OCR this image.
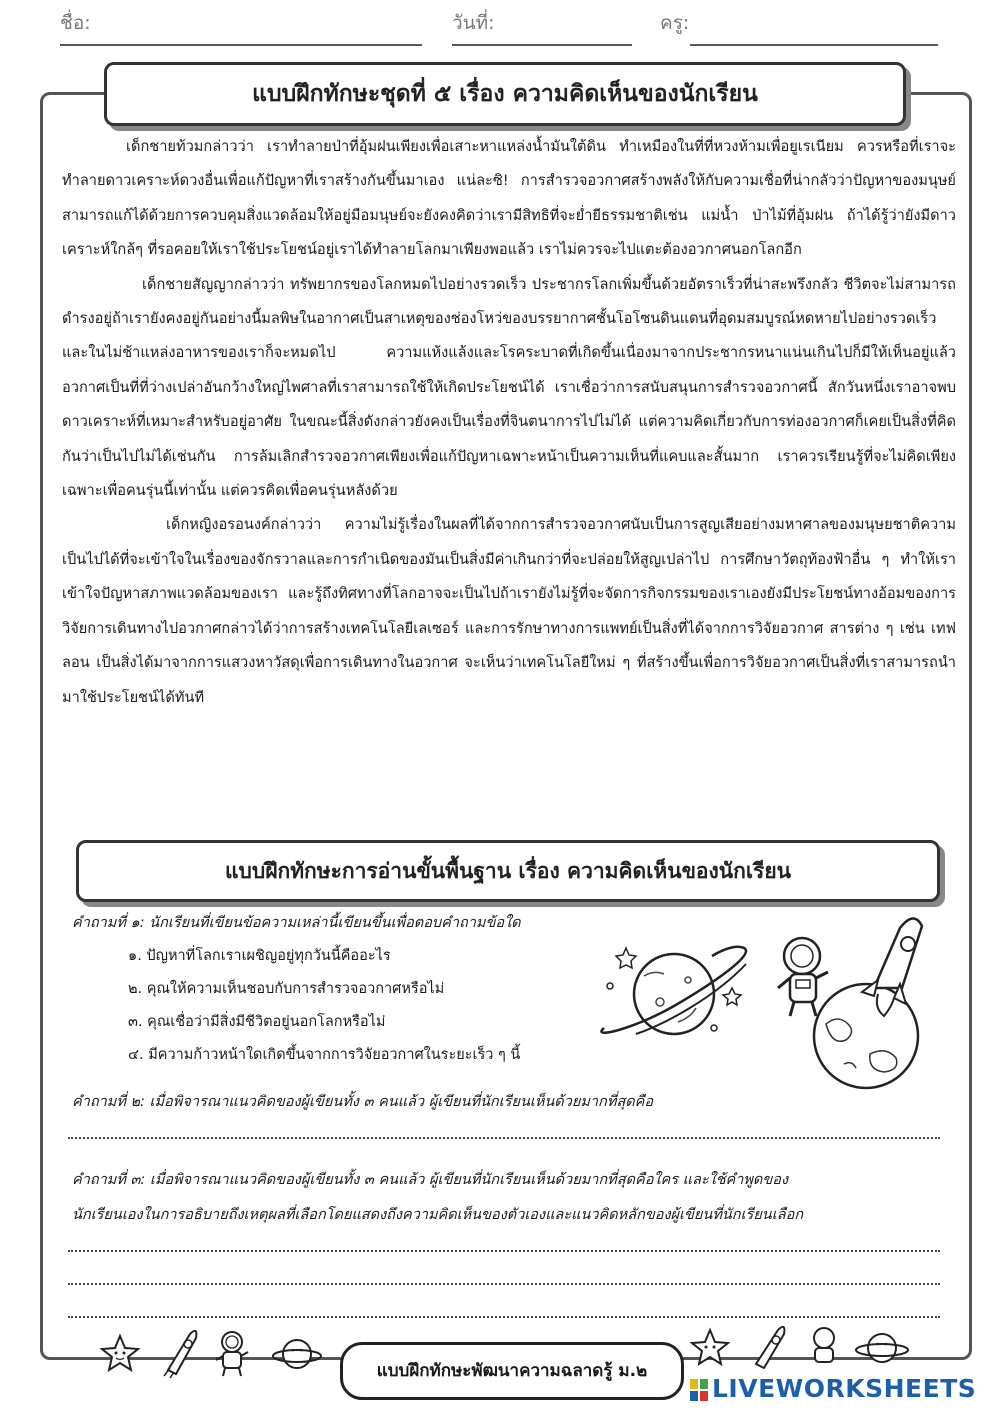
ชื่อ:	วันที่:	ครู:
แบบฝึกทักษะชุดที่ ๕ เรื่อง ความคิดเห็นของนักเรียน

เด็กชายท้วมกล่าวว่า เราทำลายป่าที่อุ้มฝนเพียงเพื่อเสาะหาแหล่งน้ำมันใต้ดิน ทำเหมืองในที่ที่หวงห้ามเพื่อยูเรเนียม ควรหรือที่เราจะทำลายดาวเคราะห์ดวงอื่นเพื่อแก้ปัญหาที่เราสร้างกันขึ้นมาเอง แน่ละซิ! การสำรวจอวกาศสร้างพลังให้กับความเชื่อที่น่ากลัวว่าปัญหาของมนุษย์สามารถแก้ได้ด้วยการควบคุมสิ่งแวดล้อมให้อยู่มือมนุษย์จะยังคงคิดว่าเรามีสิทธิที่จะย่ำยีธรรมชาติเช่น แม่น้ำ ป่าไม้ที่อุ้มฝน ถ้าได้รู้ว่ายังมีดาวเคราะห์ใกล้ๆ ที่รอคอยให้เราใช้ประโยชน์อยู่เราได้ทำลายโลกมาเพียงพอแล้ว เราไม่ควรจะไปแตะต้องอวกาศนอกโลกอีก

เด็กชายสัญญากล่าวว่า ทรัพยากรของโลกหมดไปอย่างรวดเร็ว ประชากรโลกเพิ่มขึ้นด้วยอัตราเร็วที่น่าสะพรึงกลัว ชีวิตจะไม่สามารถดำรงอยู่ถ้าเรายังคงอยู่กันอย่างนี้มลพิษในอากาศเป็นสาเหตุของช่องโหว่ของบรรยากาศชั้นโอโซนดินแดนที่อุดมสมบูรณ์หดหายไปอย่างรวดเร็ว และในไม่ช้าแหล่งอาหารของเราก็จะหมดไป ความแห้งแล้งและโรคระบาดที่เกิดขึ้นเนื่องมาจากประชากรหนาแน่นเกินไปก็มีให้เห็นอยู่แล้ว อวกาศเป็นที่ที่ว่างเปล่าอันกว้างใหญ่ไพศาลที่เราสามารถใช้ให้เกิดประโยชน์ได้ เราเชื่อว่าการสนับสนุนการสำรวจอวกาศนี้ สักวันหนึ่งเราอาจพบดาวเคราะห์ที่เหมาะสำหรับอยู่อาศัย ในขณะนี้สิ่งดังกล่าวยังคงเป็นเรื่องที่จินตนาการไปไม่ได้ แต่ความคิดเกี่ยวกับการท่องอวกาศก็เคยเป็นสิ่งที่คิดกันว่าเป็นไปไม่ได้เช่นกัน การล้มเลิกสำรวจอวกาศเพียงเพื่อแก้ปัญหาเฉพาะหน้าเป็นความเห็นที่แคบและสั้นมาก เราควรเรียนรู้ที่จะไม่คิดเพียงเฉพาะเพื่อคนรุ่นนี้เท่านั้น แต่ควรคิดเพื่อคนรุ่นหลังด้วย

เด็กหญิงอรอนงค์กล่าวว่า ความไม่รู้เรื่องในผลที่ได้จากการสำรวจอวกาศนับเป็นการสูญเสียอย่างมหาศาลของมนุษยชาติความเป็นไปได้ที่จะเข้าใจในเรื่องของจักรวาลและการกำเนิดของมันเป็นสิ่งมีค่าเกินกว่าที่จะปล่อยให้สูญเปล่าไป การศึกษาวัตถุท้องฟ้าอื่น ๆ ทำให้เราเข้าใจปัญหาสภาพแวดล้อมของเรา และรู้ถึงทิศทางที่โลกอาจจะเป็นไปถ้าเรายังไม่รู้ที่จะจัดการกิจกรรมของเราเองยังมีประโยชน์ทางอ้อมของการวิจัยการเดินทางไปอวกาศกล่าวได้ว่าการสร้างเทคโนโลยีเลเซอร์ และการรักษาทางการแพทย์เป็นสิ่งที่ได้จากการวิจัยอวกาศ สารต่าง ๆ เช่น เทฟลอน เป็นสิ่งได้มาจากการแสวงหาวัสดุเพื่อการเดินทางในอวกาศ จะเห็นว่าเทคโนโลยีใหม่ ๆ ที่สร้างขึ้นเพื่อการวิจัยอวกาศเป็นสิ่งที่เราสามารถนำมาใช้ประโยชน์ได้ทันที

แบบฝึกทักษะการอ่านขั้นพื้นฐาน เรื่อง ความคิดเห็นของนักเรียน
คำถามที่ ๑: นักเรียนที่เขียนข้อความเหล่านี้เขียนขึ้นเพื่อตอบคำถามข้อใด
๑. ปัญหาที่โลกเราเผชิญอยู่ทุกวันนี้คืออะไร
๒. คุณให้ความเห็นชอบกับการสำรวจอวกาศหรือไม่
๓. คุณเชื่อว่ามีสิ่งมีชีวิตอยู่นอกโลกหรือไม่
๔. มีความก้าวหน้าใดเกิดขึ้นจากการวิจัยอวกาศในระยะเร็ว ๆ นี้
คำถามที่ ๒: เมื่อพิจารณาแนวคิดของผู้เขียนทั้ง ๓ คนแล้ว ผู้เขียนที่นักเรียนเห็นด้วยมากที่สุดคือ
คำถามที่ ๓: เมื่อพิจารณาแนวคิดของผู้เขียนทั้ง ๓ คนแล้ว ผู้เขียนที่นักเรียนเห็นด้วยมากที่สุดคือใคร และใช้คำพูดของ
นักเรียนเองในการอธิบายถึงเหตุผลที่เลือกโดยแสดงถึงความคิดเห็นของตัวเองและแนวคิดหลักของผู้เขียนที่นักเรียนเลือก
แบบฝึกทักษะพัฒนาความฉลาดรู้ ม.๒
LIVEWORKSHEETS
